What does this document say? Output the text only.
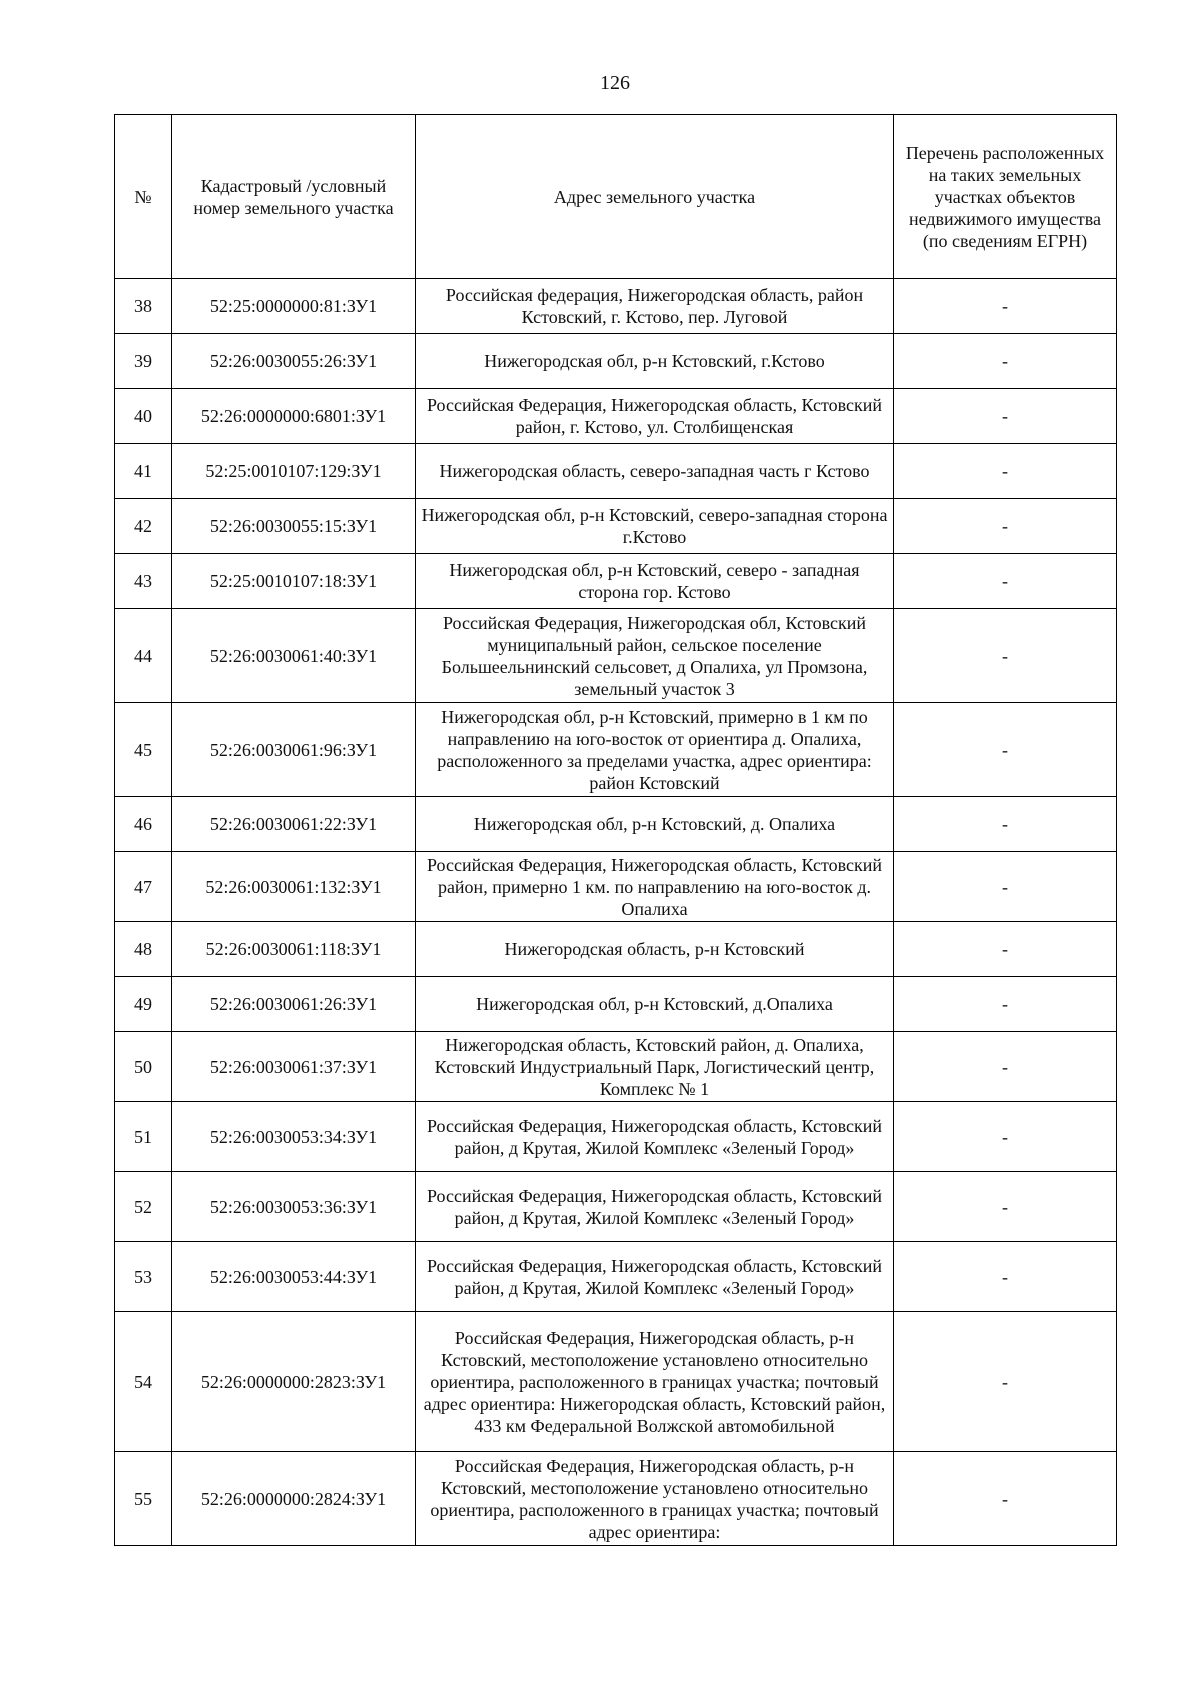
126
№	Кадастровый /условный номер земельного участка	Адрес земельного участка	Перечень расположенных на таких земельных участках объектов недвижимого имущества (по сведениям ЕГРН)
38	52:25:0000000:81:ЗУ1	Российская федерация, Нижегородская область, район Кстовский, г. Кстово, пер. Луговой	-
39	52:26:0030055:26:ЗУ1	Нижегородская обл, р-н Кстовский, г.Кстово	-
40	52:26:0000000:6801:ЗУ1	Российская Федерация, Нижегородская область, Кстовский район, г. Кстово, ул. Столбищенская	-
41	52:25:0010107:129:ЗУ1	Нижегородская область, северо-западная часть г Кстово	-
42	52:26:0030055:15:ЗУ1	Нижегородская обл, р-н Кстовский, северо-западная сторона г.Кстово	-
43	52:25:0010107:18:ЗУ1	Нижегородская обл, р-н Кстовский, северо - западная сторона гор. Кстово	-
44	52:26:0030061:40:ЗУ1	Российская Федерация, Нижегородская обл, Кстовский муниципальный район, сельское поселение Большеельнинский сельсовет, д Опалиха, ул Промзона, земельный участок 3	-
45	52:26:0030061:96:ЗУ1	Нижегородская обл, р-н Кстовский, примерно в 1 км по направлению на юго-восток от ориентира д. Опалиха, расположенного за пределами участка, адрес ориентира: район Кстовский	-
46	52:26:0030061:22:ЗУ1	Нижегородская обл, р-н Кстовский, д. Опалиха	-
47	52:26:0030061:132:ЗУ1	Российская Федерация, Нижегородская область, Кстовский район, примерно 1 км. по направлению на юго-восток д. Опалиха	-
48	52:26:0030061:118:ЗУ1	Нижегородская область, р-н Кстовский	-
49	52:26:0030061:26:ЗУ1	Нижегородская обл, р-н Кстовский, д.Опалиха	-
50	52:26:0030061:37:ЗУ1	Нижегородская область, Кстовский район, д. Опалиха, Кстовский Индустриальный Парк, Логистический центр, Комплекс № 1	-
51	52:26:0030053:34:ЗУ1	Российская Федерация, Нижегородская область, Кстовский район, д Крутая, Жилой Комплекс «Зеленый Город»	-
52	52:26:0030053:36:ЗУ1	Российская Федерация, Нижегородская область, Кстовский район, д Крутая, Жилой Комплекс «Зеленый Город»	-
53	52:26:0030053:44:ЗУ1	Российская Федерация, Нижегородская область, Кстовский район, д Крутая, Жилой Комплекс «Зеленый Город»	-
54	52:26:0000000:2823:ЗУ1	Российская Федерация, Нижегородская область, р-н Кстовский, местоположение установлено относительно ориентира, расположенного в границах участка; почтовый адрес ориентира: Нижегородская область, Кстовский район, 433 км Федеральной Волжской автомобильной	-
55	52:26:0000000:2824:ЗУ1	Российская Федерация, Нижегородская область, р-н Кстовский, местоположение установлено относительно ориентира, расположенного в границах участка; почтовый адрес ориентира:	-
